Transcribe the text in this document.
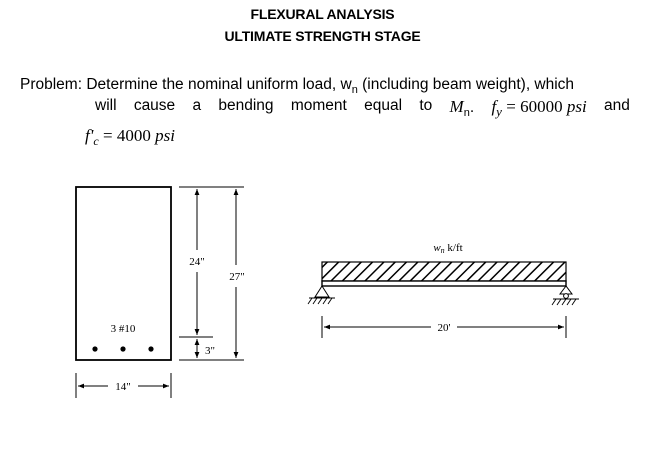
FLEXURAL ANALYSIS
ULTIMATE STRENGTH STAGE
Problem: Determine the nominal uniform load, $w_n$ (including beam weight), which
will cause a bending moment equal to $M_n$. $f_y = 60000$ psi and
$f'_c = 4000$ psi
3 #10
14"
24"
3"
27"
wn k/ft
20'
